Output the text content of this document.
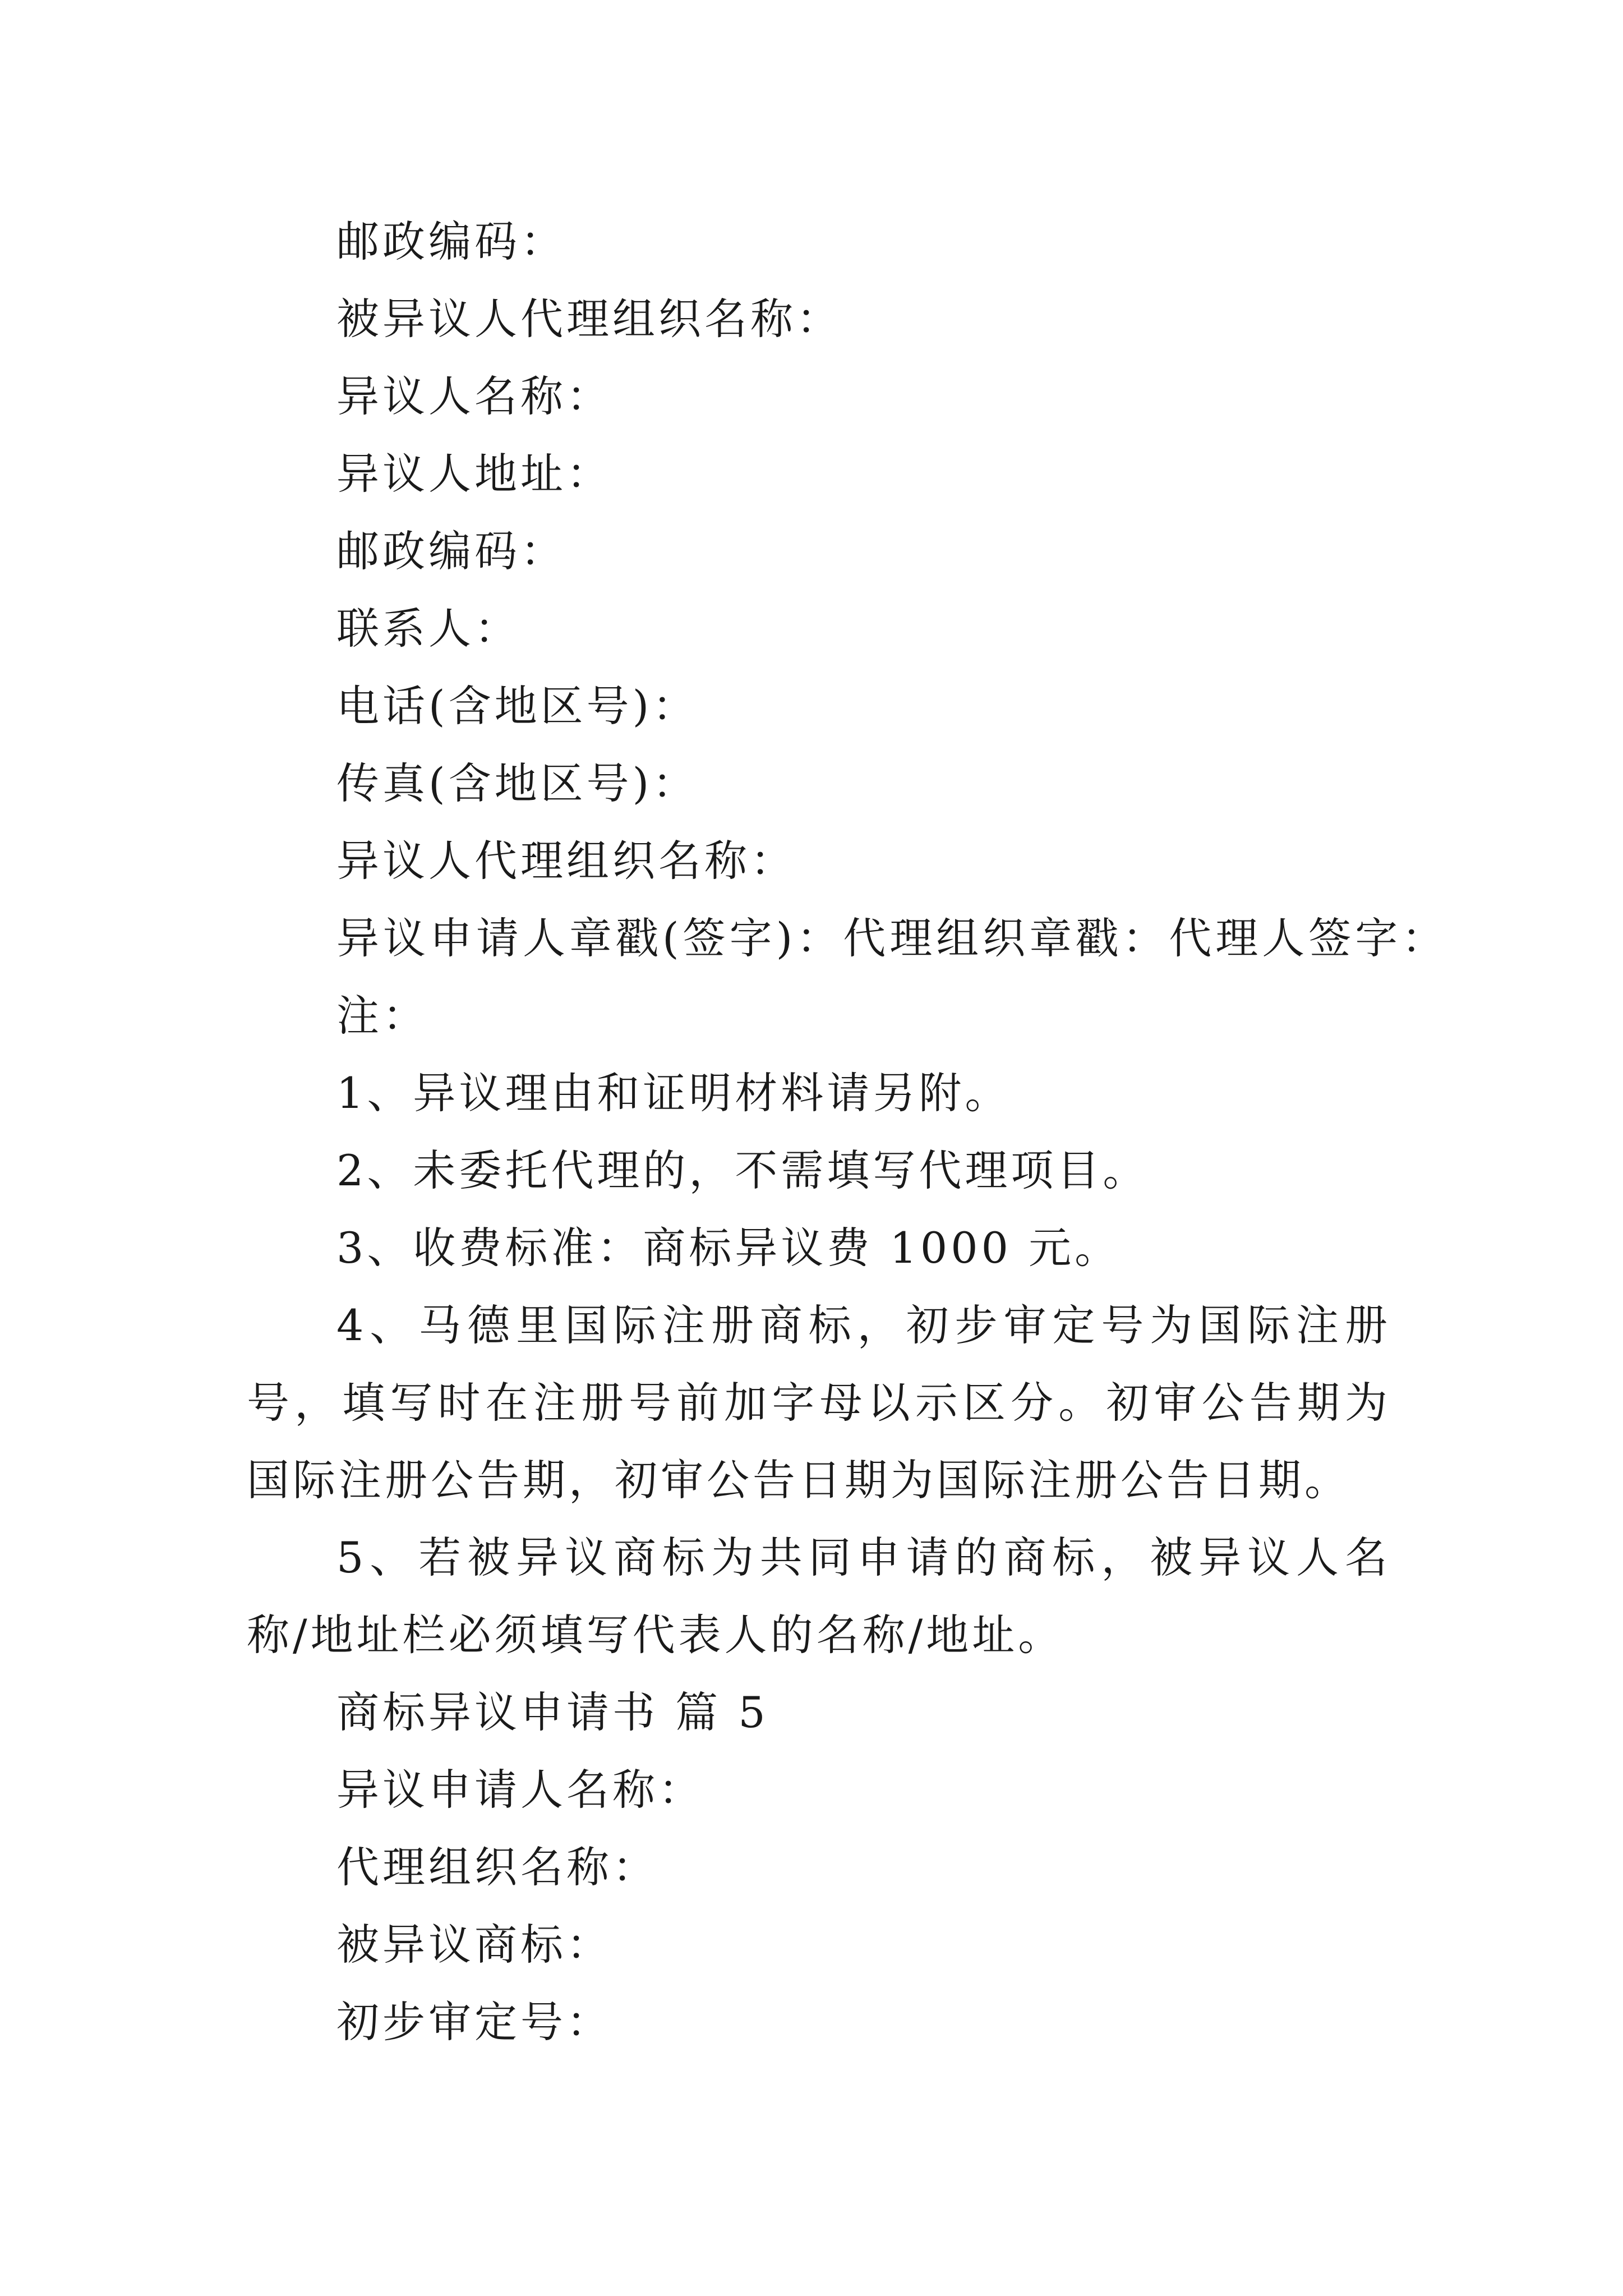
邮政编码：

被异议人代理组织名称：

异议人名称：

异议人地址：

邮政编码：

联系人：

电话(含地区号)：

传真(含地区号)：

异议人代理组织名称：

异议申请人章戳(签字)：代理组织章戳：代理人签字：

注：

1、异议理由和证明材料请另附。

2、未委托代理的，不需填写代理项目。

3、收费标准：商标异议费 1000 元。

4、马德里国际注册商标，初步审定号为国际注册号，填写时在注册号前加字母以示区分。初审公告期为国际注册公告期，初审公告日期为国际注册公告日期。

5、若被异议商标为共同申请的商标，被异议人名称/地址栏必须填写代表人的名称/地址。

商标异议申请书 篇 5

异议申请人名称：

代理组织名称：

被异议商标：

初步审定号：
